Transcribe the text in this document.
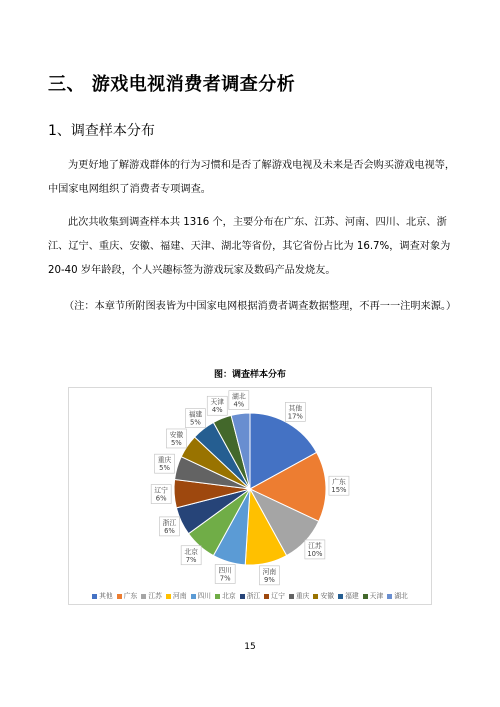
三、 游戏电视消费者调查分析
1、调查样本分布
为更好地了解游戏群体的行为习惯和是否了解游戏电视及未来是否会购买游戏电视等，中国家电网组织了消费者专项调查。
此次共收集到调查样本共 1316 个，主要分布在广东、江苏、河南、四川、北京、浙江、辽宁、重庆、安徽、福建、天津、湖北等省份，其它省份占比为 16.7%，调查对象为 20-40 岁年龄段，个人兴趣标签为游戏玩家及数码产品发烧友。
（注：本章节所附图表皆为中国家电网根据消费者调查数据整理，不再一一注明来源。）
图：调查样本分布
其他
17%
广东
15%
江苏
10%
河南
9%
四川
7%
北京
7%
浙江
6%
辽宁
6%
重庆
5%
安徽
5%
福建
5%
天津
4%
湖北
4%
其他 广东 江苏 河南 四川 北京 浙江 辽宁 重庆 安徽 福建 天津 湖北
15
